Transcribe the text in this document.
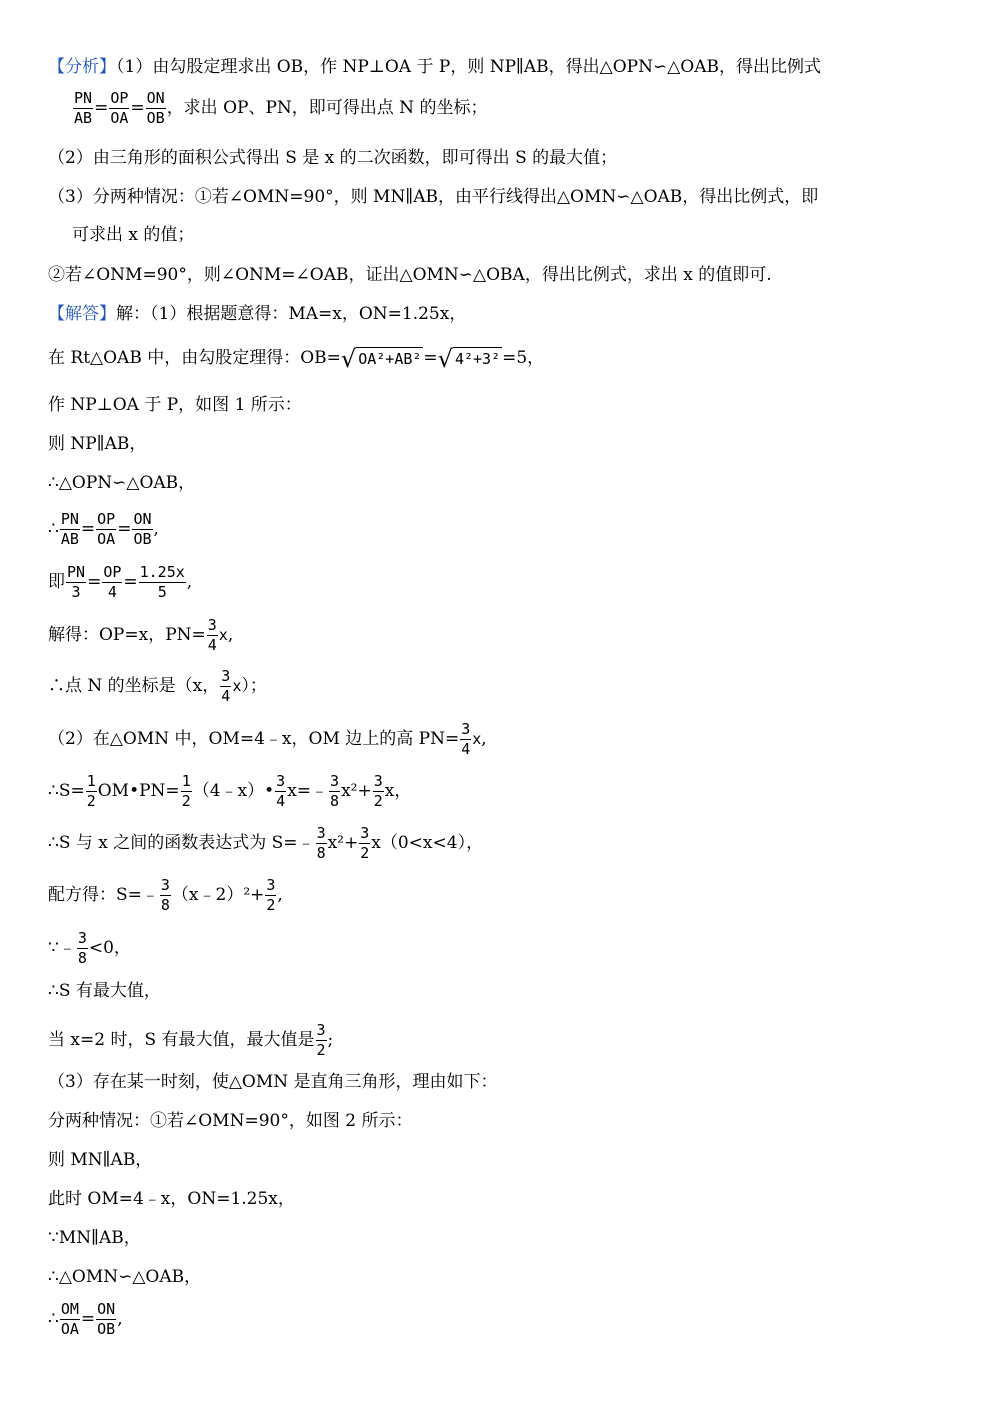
【分析】（1）由勾股定理求出 OB，作 NP⊥OA 于 P，则 NP∥AB，得出△OPN∽△OAB，得出比例式
$\frac{PN}{AB} = \frac{OP}{OA} = \frac{ON}{OB}$ ，求出 OP、PN，即可得出点 N 的坐标；
（2）由三角形的面积公式得出 S 是 x 的二次函数，即可得出 S 的最大值；
（3）分两种情况：①若∠OMN=90°，则 MN∥AB，由平行线得出△OMN∽△OAB，得出比例式，即
可求出 x 的值；
②若∠ONM=90°，则∠ONM=∠OAB，证出△OMN∽△OBA，得出比例式，求出 x 的值即可.
【解答】解：（1）根据题意得：MA=x，ON=1.25x，
在 Rt△OAB 中，由勾股定理得：OB=√ OA²+AB² =√ 4²+3² =5，
作 NP⊥OA 于 P，如图 1 所示：
则 NP∥AB，
∴△OPN∽△OAB，
∴ $\frac{PN}{AB} = \frac{OP}{OA} = \frac{ON}{OB}$ ,
即 $\frac{PN}{3} = \frac{OP}{4} = \frac{1.25x}{5}$ ,
解得：OP=x，$PN= \frac{3}{4} x$,
∴点 N 的坐标是（x， $\frac{3}{4} x$）；
（2）在△OMN 中，OM=4﹣x，OM 边上的高 $PN= \frac{3}{4} x$,
∴S= $\frac{1}{2}$ OM•PN= $\frac{1}{2}$ （4﹣x）• $\frac{3}{4}$ x=﹣ $\frac{3}{8} x^2+ \frac{3}{2}$ x，
∴S 与 x 之间的函数表达式为 S=﹣ $\frac{3}{8} x^2+ \frac{3}{2} x(0<x<4)$，
配方得：S=﹣ $\frac{3}{8}$ （x﹣2）²+ $\frac{3}{2}$ ,
∵﹣ $\frac{3}{8} <0$，
∴S 有最大值，
当 x=2 时，S 有最大值，最大值是 $\frac{3}{2}$ ;
（3）存在某一时刻，使△OMN 是直角三角形，理由如下：
分两种情况：①若∠OMN=90°，如图 2 所示：
则 MN∥AB，
此时 OM=4﹣x，ON=1.25x，
∵MN∥AB，
∴△OMN∽△OAB，
∴ $\frac{OM}{OA} = \frac{ON}{OB}$ ,
